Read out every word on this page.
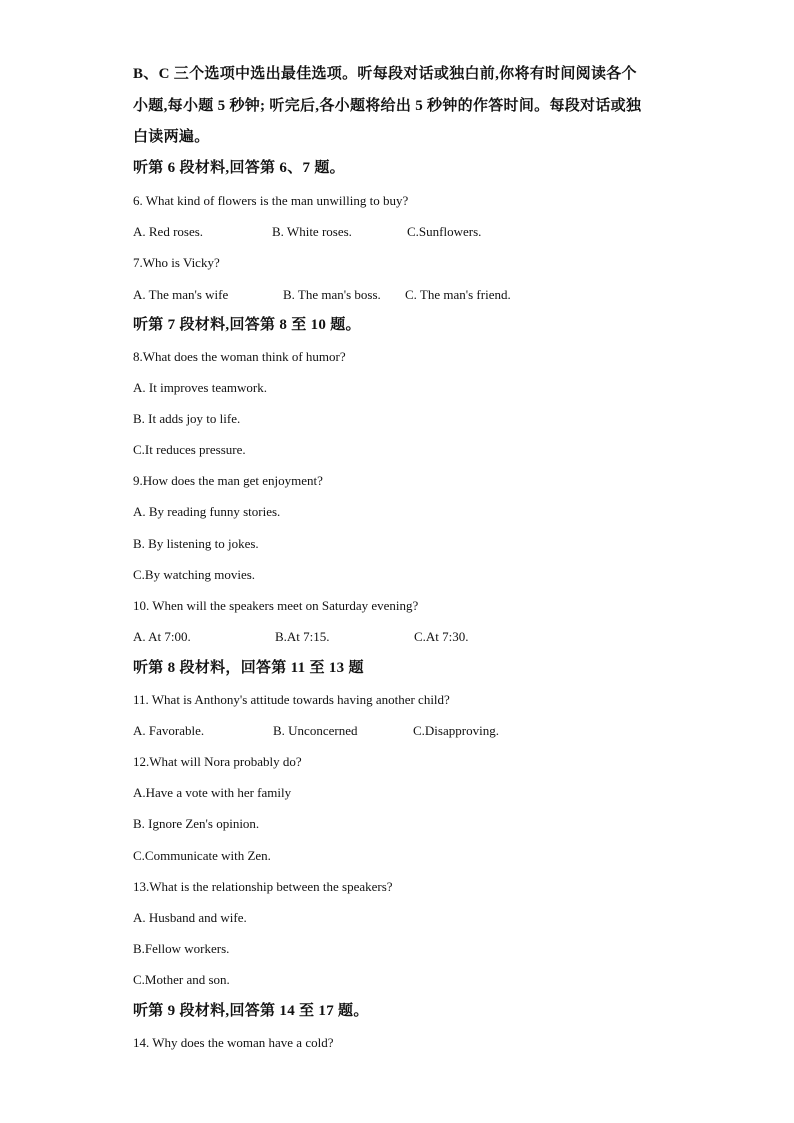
B、C 三个选项中选出最佳选项。听每段对话或独白前,你将有时间阅读各个
小题,每小题 5 秒钟; 听完后,各小题将给出 5 秒钟的作答时间。每段对话或独
白读两遍。
听第 6 段材料,回答第 6、7 题。
6. What kind of flowers is the man unwilling to buy?
A. Red roses.	B. White roses.	C.Sunflowers.
7.Who is Vicky?
A. The man's wife	B. The man's boss. C. The man's friend.
听第 7 段材料,回答第 8 至 10 题。
8.What does the woman think of humor?
A. It improves teamwork.
B. It adds joy to life.
C.It reduces pressure.
9.How does the man get enjoyment?
A. By reading funny stories.
B. By listening to jokes.
C.By watching movies.
10. When will the speakers meet on Saturday evening?
A. At 7:00.	B.At 7:15.	C.At 7:30.
听第 8 段材料，回答第 11 至 13 题
11. What is Anthony's attitude towards having another child?
A. Favorable.	B. Unconcerned	C.Disapproving.
12.What will Nora probably do?
A.Have a vote with her family
B. Ignore Zen's opinion.
C.Communicate with Zen.
13.What is the relationship between the speakers?
A. Husband and wife.
B.Fellow workers.
C.Mother and son.
听第 9 段材料,回答第 14 至 17 题。
14. Why does the woman have a cold?
